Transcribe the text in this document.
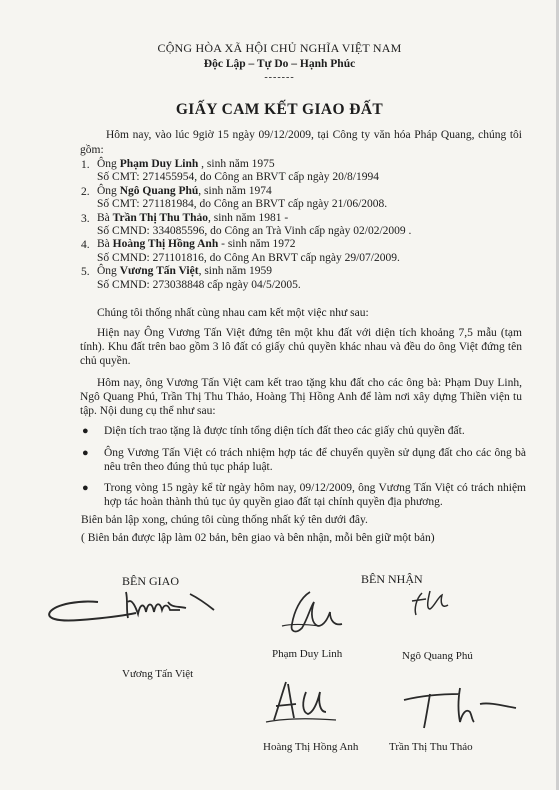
CỘNG HÒA XÃ HỘI CHỦ NGHĨA VIỆT NAM
Độc Lập – Tự Do – Hạnh Phúc
-------
GIẤY CAM KẾT GIAO ĐẤT
Hôm nay, vào lúc 9giờ 15 ngày 09/12/2009, tại Công ty văn hóa Pháp Quang, chúng tôi gồm:
1. Ông Phạm Duy Linh , sinh năm 1975
Số CMT: 271455954, do Công an BRVT cấp ngày 20/8/1994
2. Ông Ngô Quang Phú, sinh năm 1974
Số CMT: 271181984, do Công an BRVT cấp ngày 21/06/2008.
3. Bà Trần Thị Thu Thảo, sinh năm 1981 -
Số CMND: 334085596, do Công an Trà Vinh cấp ngày 02/02/2009 .
4. Bà Hoàng Thị Hồng Anh - sinh năm 1972
Số CMND: 271101816, do Công An BRVT cấp ngày 29/07/2009.
5. Ông Vương Tấn Việt, sinh năm 1959
Số CMND: 273038848 cấp ngày 04/5/2005.
Chúng tôi thống nhất cùng nhau cam kết một việc như sau:
Hiện nay Ông Vương Tấn Việt đứng tên một khu đất với diện tích khoảng 7,5 mẫu (tạm tính). Khu đất trên bao gồm 3 lô đất có giấy chủ quyền khác nhau và đều do ông Việt đứng tên chủ quyền.
Hôm nay, ông Vương Tấn Việt cam kết trao tặng khu đất cho các ông bà: Phạm Duy Linh, Ngô Quang Phú, Trần Thị Thu Thảo, Hoàng Thị Hồng Anh để làm nơi xây dựng Thiền viện tu tập. Nội dung cụ thể như sau:
●	Diện tích trao tặng là được tính tổng diện tích đất theo các giấy chủ quyền đất.
●	Ông Vương Tấn Việt có trách nhiệm hợp tác để chuyển quyền sử dụng đất cho các ông bà nêu trên theo đúng thủ tục pháp luật.
●	Trong vòng 15 ngày kể từ ngày hôm nay, 09/12/2009, ông Vương Tấn Việt có trách nhiệm hợp tác hoàn thành thủ tục ủy quyền giao đất tại chính quyền địa phương.
Biên bản lập xong, chúng tôi cùng thống nhất ký tên dưới đây.
( Biên bản được lập làm 02 bản, bên giao và bên nhận, mỗi bên giữ một bản)
BÊN GIAO	BÊN NHẬN
Vương Tấn Việt
Phạm Duy Linh	Ngô Quang Phú
Hoàng Thị Hồng Anh	Trần Thị Thu Thảo
